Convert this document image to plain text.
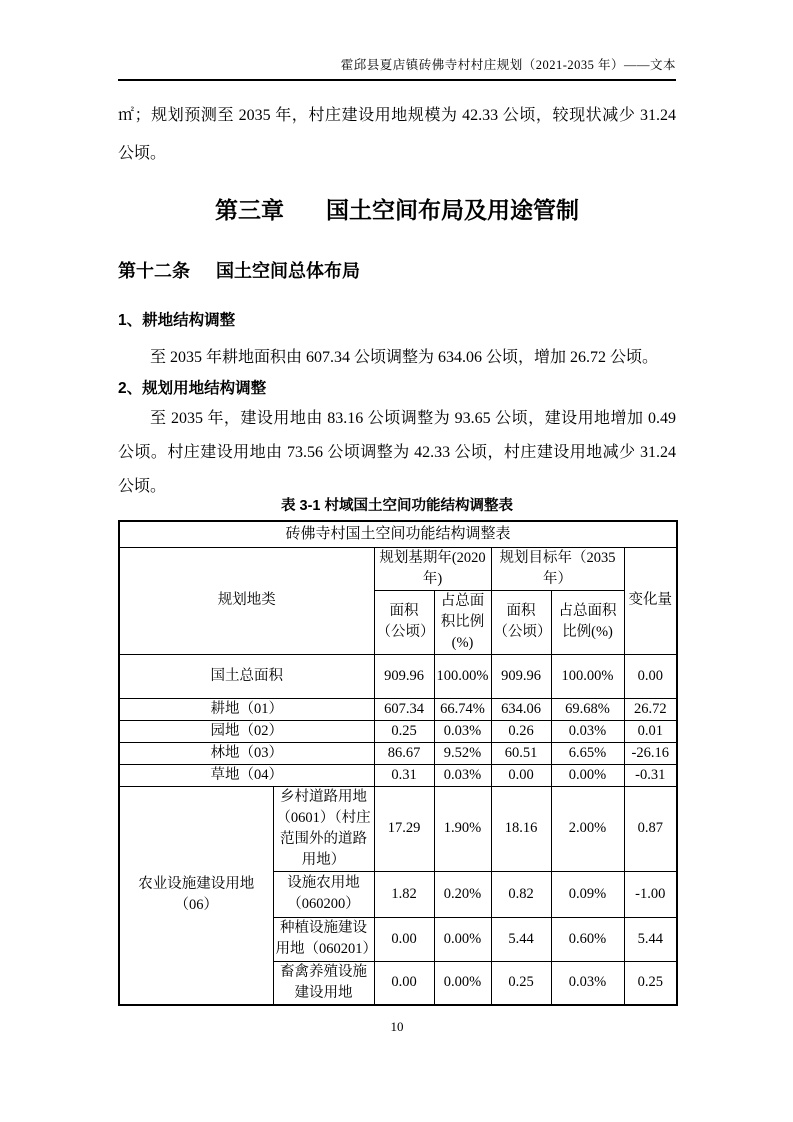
霍邱县夏店镇砖佛寺村村庄规划（2021-2035 年）——文本

㎡；规划预测至 2035 年，村庄建设用地规模为 42.33 公顷，较现状减少 31.24 公顷。

第三章 国土空间布局及用途管制
第十二条 国土空间总体布局
1、耕地结构调整

至 2035 年耕地面积由 607.34 公顷调整为 634.06 公顷，增加 26.72 公顷。

2、规划用地结构调整

至 2035 年，建设用地由 83.16 公顷调整为 93.65 公顷，建设用地增加 0.49 公顷。村庄建设用地由 73.56 公顷调整为 42.33 公顷，村庄建设用地减少 31.24 公顷。

表 3-1 村域国土空间功能结构调整表
砖佛寺村国土空间功能结构调整表						
规划地类		规划基期年(2020 年)		规划目标年（2035 年）		变化量
		面积（公顷）	占总面积比例(%)	面积（公顷）	占总面积比例(%)	
国土总面积		909.96	100.00%	909.96	100.00%	0.00
耕地（01）		607.34	66.74%	634.06	69.68%	26.72
园地（02）		0.25	0.03%	0.26	0.03%	0.01
林地（03）		86.67	9.52%	60.51	6.65%	-26.16
草地（04）		0.31	0.03%	0.00	0.00%	-0.31
农业设施建设用地（06）	乡村道路用地（0601）（村庄范围外的道路用地）	17.29	1.90%	18.16	2.00%	0.87
	设施农用地（060200）	1.82	0.20%	0.82	0.09%	-1.00
	种植设施建设用地（060201）	0.00	0.00%	5.44	0.60%	5.44
	畜禽养殖设施建设用地	0.00	0.00%	0.25	0.03%	0.25
10
